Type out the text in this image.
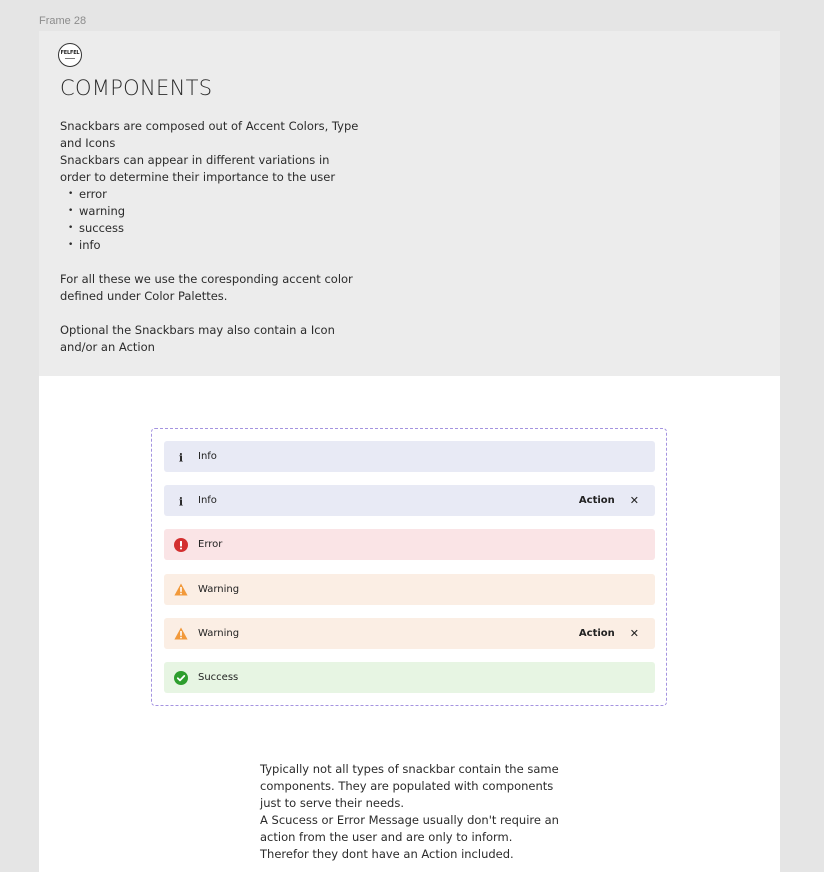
Frame 28
FELFEL
COMPONENTS

Snackbars are composed out of Accent Colors, Type and Icons

Snackbars can appear in different variations in order to determine their importance to the user

• error
• warning
• success
• info

For all these we use the coresponding accent color defined under Color Palettes.

Optional the Snackbars may also contain a Icon and/or an Action

i Info
i Info	Action ✕
Error
Warning
Warning	Action ✕
Success

Typically not all types of snackbar contain the same components. They are populated with components just to serve their needs.

A Scucess or Error Message usually don't require an action from the user and are only to inform. Therefor they dont have an Action included.
